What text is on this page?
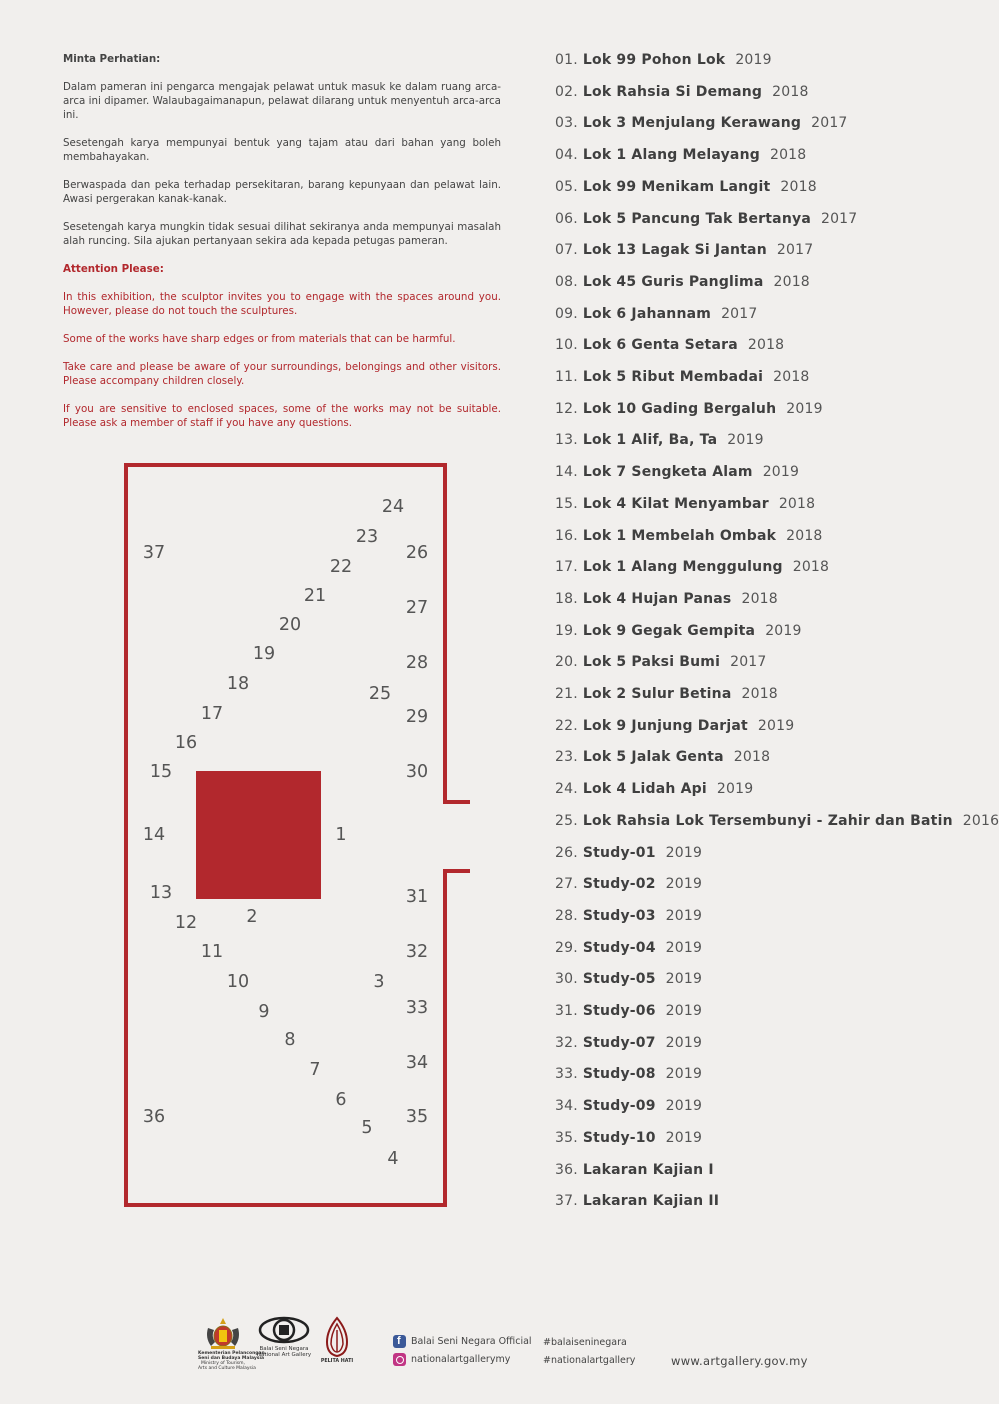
Minta Perhatian:

Dalam pameran ini pengarca mengajak pelawat untuk masuk ke dalam ruang arca-arca ini dipamer. Walaubagaimanapun, pelawat dilarang untuk menyentuh arca-arca ini.

Sesetengah karya mempunyai bentuk yang tajam atau dari bahan yang boleh membahayakan.

Berwaspada dan peka terhadap persekitaran, barang kepunyaan dan pelawat lain. Awasi pergerakan kanak-kanak.

Sesetengah karya mungkin tidak sesuai dilihat sekiranya anda mempunyai masalah alah runcing. Sila ajukan pertanyaan sekira ada kepada petugas pameran.

Attention Please:

In this exhibition, the sculptor invites you to engage with the spaces around you. However, please do not touch the sculptures.

Some of the works have sharp edges or from materials that can be harmful.

Take care and please be aware of your surroundings, belongings and other visitors. Please accompany children closely.

If you are sensitive to enclosed spaces, some of the works may not be suitable. Please ask a member of staff if you have any questions.

1
2
3
4
5
6
7
8
9
10
11
12
13
14
15
16
17
18
19
20
21
22
23
24
25
26
27
28
29
30
31
32
33
34
35
36
37
01. Lok 99 Pohon Lok 2019
02. Lok Rahsia Si Demang 2018
03. Lok 3 Menjulang Kerawang 2017
04. Lok 1 Alang Melayang 2018
05. Lok 99 Menikam Langit 2018
06. Lok 5 Pancung Tak Bertanya 2017
07. Lok 13 Lagak Si Jantan 2017
08. Lok 45 Guris Panglima 2018
09. Lok 6 Jahannam 2017
10. Lok 6 Genta Setara 2018
11. Lok 5 Ribut Membadai 2018
12. Lok 10 Gading Bergaluh 2019
13. Lok 1 Alif, Ba, Ta 2019
14. Lok 7 Sengketa Alam 2019
15. Lok 4 Kilat Menyambar 2018
16. Lok 1 Membelah Ombak 2018
17. Lok 1 Alang Menggulung 2018
18. Lok 4 Hujan Panas 2018
19. Lok 9 Gegak Gempita 2019
20. Lok 5 Paksi Bumi 2017
21. Lok 2 Sulur Betina 2018
22. Lok 9 Junjung Darjat 2019
23. Lok 5 Jalak Genta 2018
24. Lok 4 Lidah Api 2019
25. Lok Rahsia Lok Tersembunyi - Zahir dan Batin 2016
26. Study-01 2019
27. Study-02 2019
28. Study-03 2019
29. Study-04 2019
30. Study-05 2019
31. Study-06 2019
32. Study-07 2019
33. Study-08 2019
34. Study-09 2019
35. Study-10 2019
36. Lakaran Kajian I
37. Lakaran Kajian II
Kementerian Pelancongan,
Seni dan Budaya Malaysia
Ministry of Tourism,
Arts and Culture Malaysia
Balai Seni Negara
National Art Gallery
PELITA HATI
f Balai Seni Negara Official
nationalartgallerymy
#balaiseninegara
#nationalartgallery	www.artgallery.gov.my
